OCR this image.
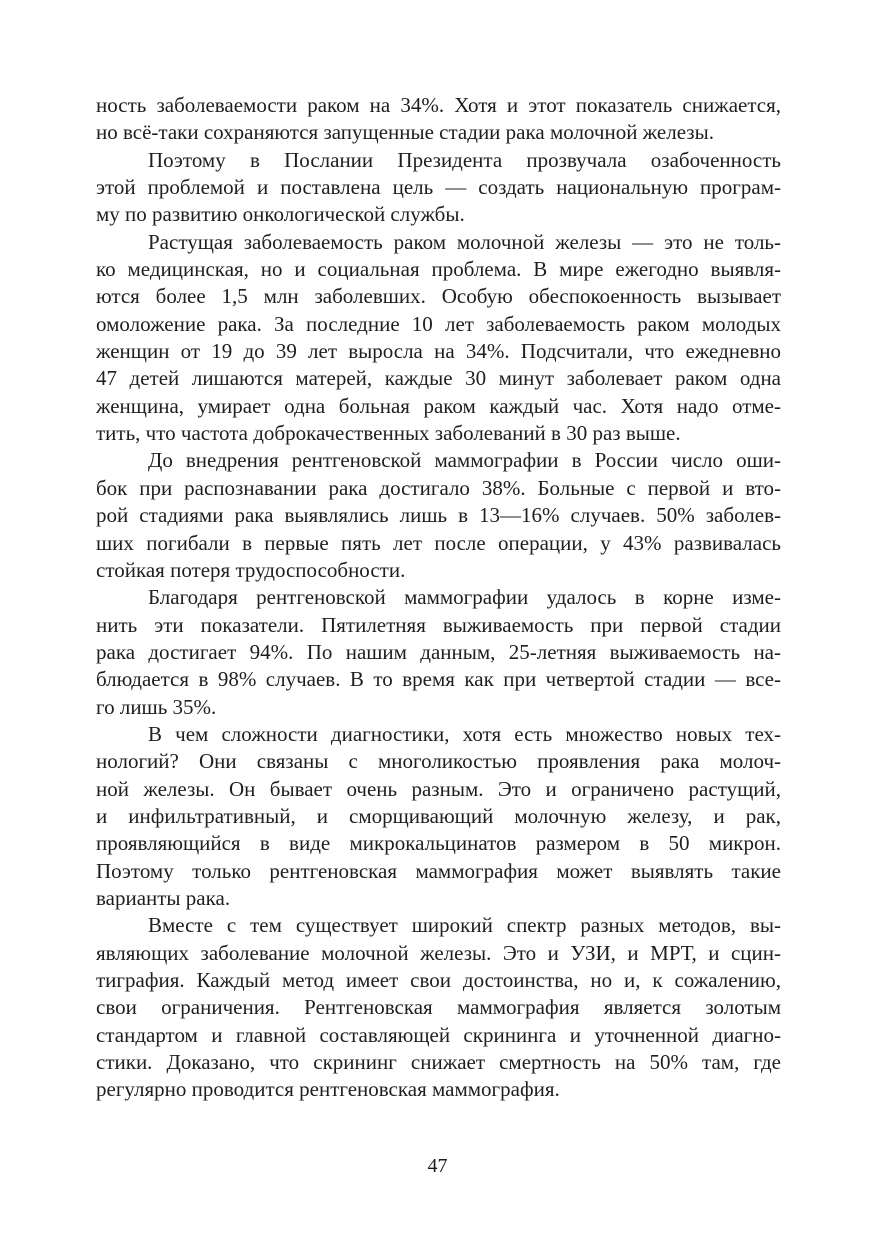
ность заболеваемости раком на 34%. Хотя и этот показатель снижается,
но всё-таки сохраняются запущенные стадии рака молочной железы.
Поэтому в Послании Президента прозвучала озабоченность
этой проблемой и поставлена цель — создать национальную програм-
му по развитию онкологической службы.
Растущая заболеваемость раком молочной железы — это не толь-
ко медицинская, но и социальная проблема. В мире ежегодно выявля-
ются более 1,5 млн заболевших. Особую обеспокоенность вызывает
омоложение рака. За последние 10 лет заболеваемость раком молодых
женщин от 19 до 39 лет выросла на 34%. Подсчитали, что ежедневно
47 детей лишаются матерей, каждые 30 минут заболевает раком одна
женщина, умирает одна больная раком каждый час. Хотя надо отме-
тить, что частота доброкачественных заболеваний в 30 раз выше.
До внедрения рентгеновской маммографии в России число оши-
бок при распознавании рака достигало 38%. Больные с первой и вто-
рой стадиями рака выявлялись лишь в 13—16% случаев. 50% заболев-
ших погибали в первые пять лет после операции, у 43% развивалась
стойкая потеря трудоспособности.
Благодаря рентгеновской маммографии удалось в корне изме-
нить эти показатели. Пятилетняя выживаемость при первой стадии
рака достигает 94%. По нашим данным, 25-летняя выживаемость на-
блюдается в 98% случаев. В то время как при четвертой стадии — все-
го лишь 35%.
В чем сложности диагностики, хотя есть множество новых тех-
нологий? Они связаны с многоликостью проявления рака молоч-
ной железы. Он бывает очень разным. Это и ограничено растущий,
и инфильтративный, и сморщивающий молочную железу, и рак,
проявляющийся в виде микрокальцинатов размером в 50 микрон.
Поэтому только рентгеновская маммография может выявлять такие
варианты рака.
Вместе с тем существует широкий спектр разных методов, вы-
являющих заболевание молочной железы. Это и УЗИ, и МРТ, и сцин-
тиграфия. Каждый метод имеет свои достоинства, но и, к сожалению,
свои ограничения. Рентгеновская маммография является золотым
стандартом и главной составляющей скрининга и уточненной диагно-
стики. Доказано, что скрининг снижает смертность на 50% там, где
регулярно проводится рентгеновская маммография.
47
